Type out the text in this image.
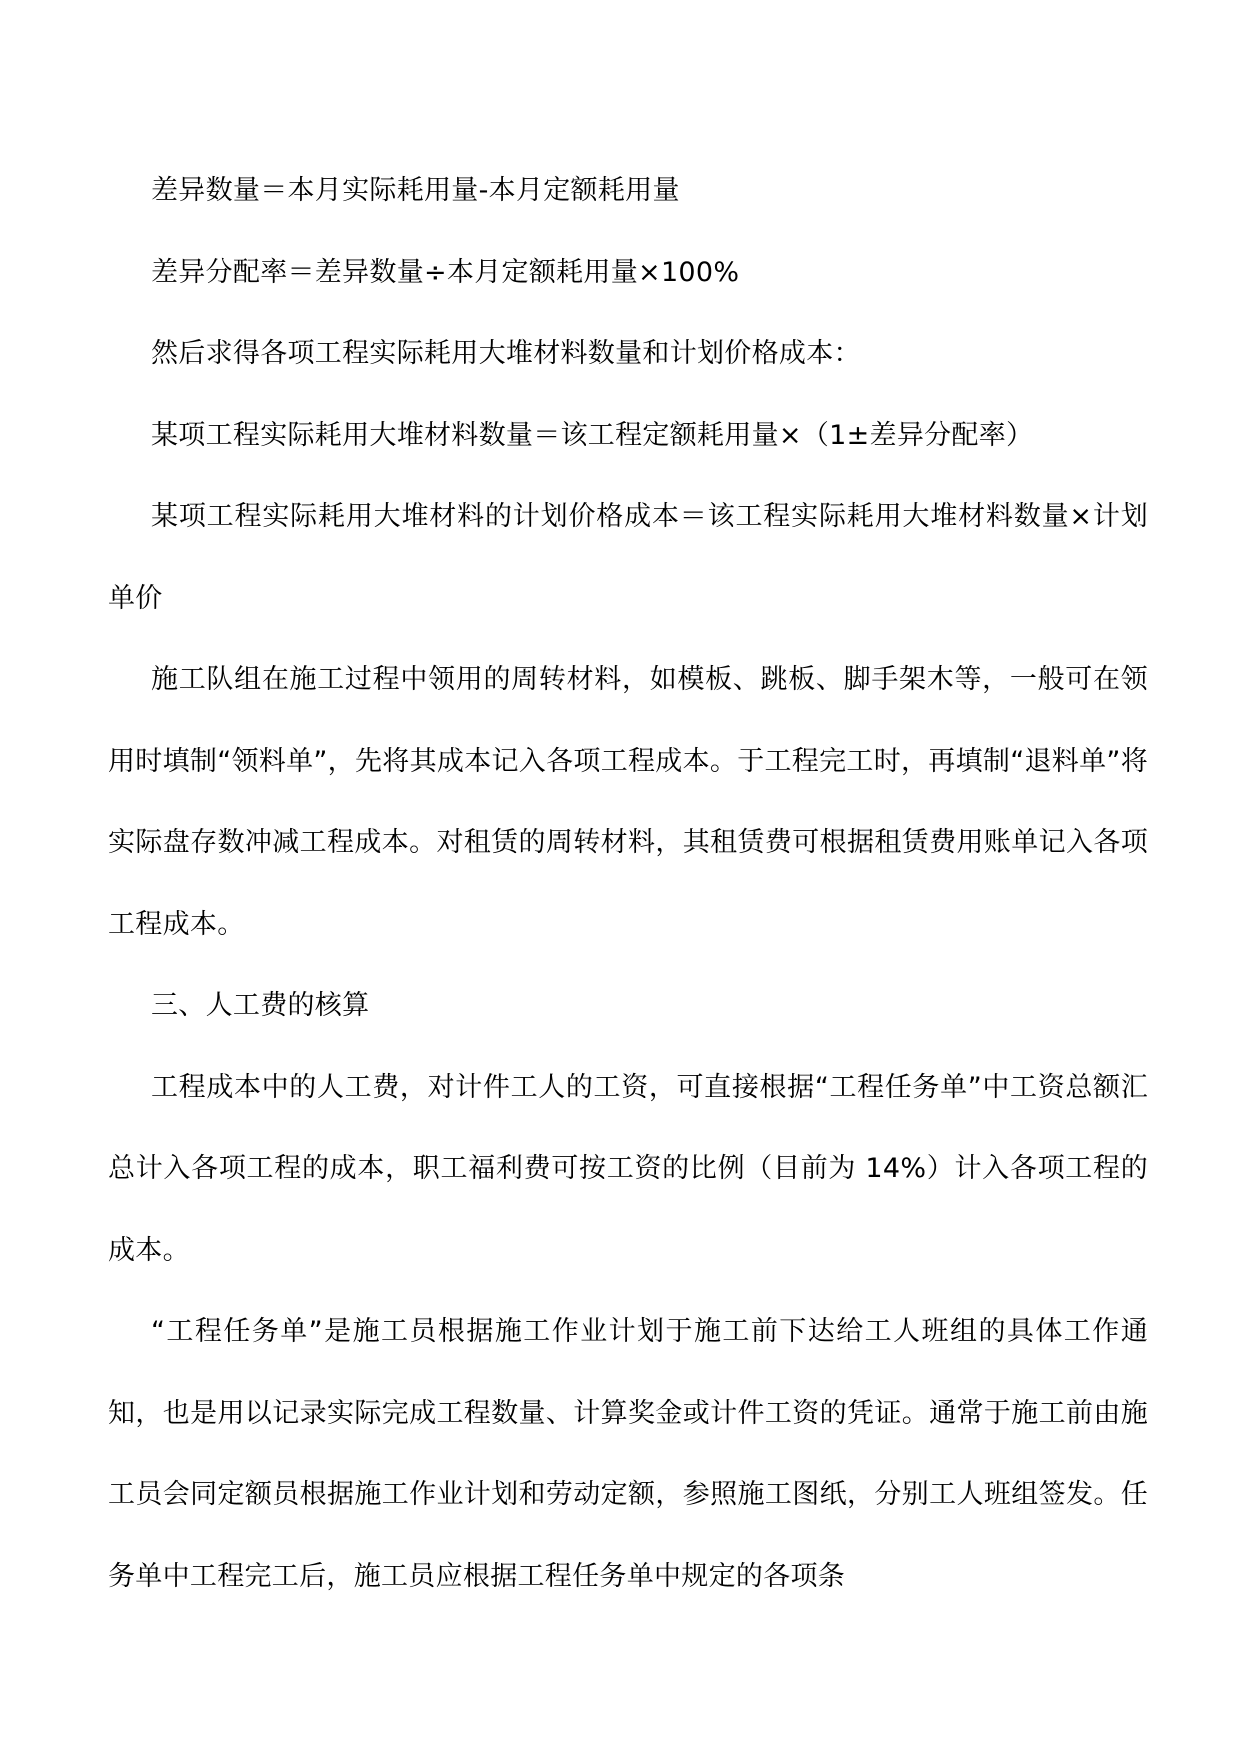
差异数量＝本月实际耗用量-本月定额耗用量

差异分配率＝差异数量÷本月定额耗用量×100%

然后求得各项工程实际耗用大堆材料数量和计划价格成本：

某项工程实际耗用大堆材料数量＝该工程定额耗用量×（1±差异分配率）

某项工程实际耗用大堆材料的计划价格成本＝该工程实际耗用大堆材料数量×计划单价

施工队组在施工过程中领用的周转材料，如模板、跳板、脚手架木等，一般可在领用时填制“领料单”，先将其成本记入各项工程成本。于工程完工时，再填制“退料单”将实际盘存数冲减工程成本。对租赁的周转材料，其租赁费可根据租赁费用账单记入各项工程成本。

三、人工费的核算

工程成本中的人工费，对计件工人的工资，可直接根据“工程任务单”中工资总额汇总计入各项工程的成本，职工福利费可按工资的比例（目前为 14%）计入各项工程的成本。

“工程任务单”是施工员根据施工作业计划于施工前下达给工人班组的具体工作通知，也是用以记录实际完成工程数量、计算奖金或计件工资的凭证。通常于施工前由施工员会同定额员根据施工作业计划和劳动定额，参照施工图纸，分别工人班组签发。任务单中工程完工后，施工员应根据工程任务单中规定的各项条
